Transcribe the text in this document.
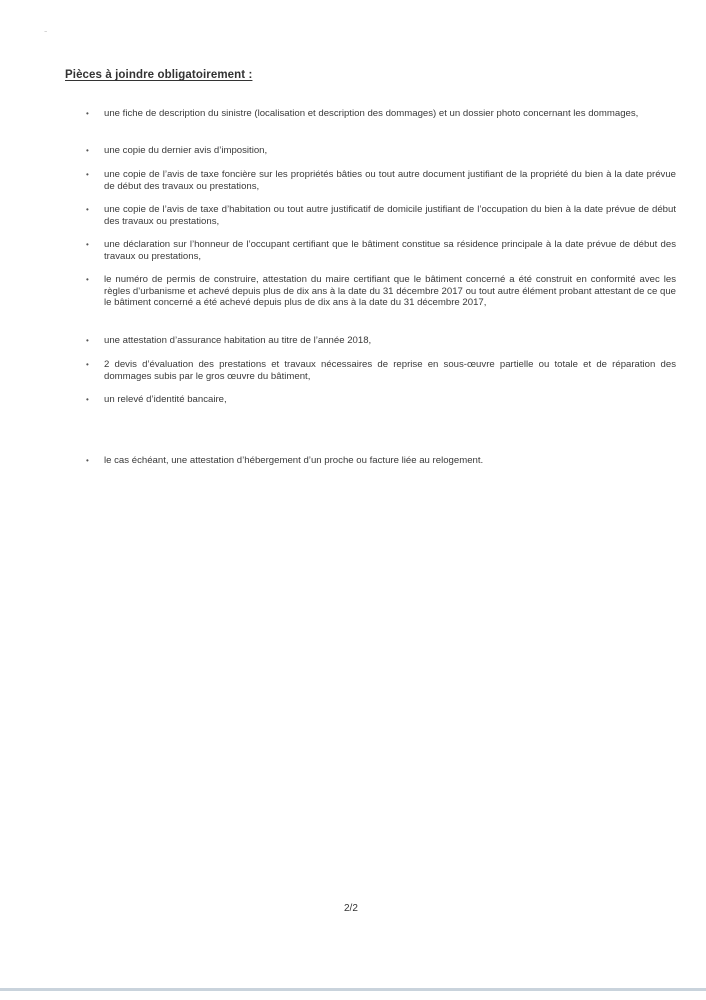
Pièces à joindre obligatoirement :
•	une fiche de description du sinistre (localisation et description des dommages) et un dossier photo concernant les dommages,
•	une copie du dernier avis d’imposition,
•	une copie de l’avis de taxe foncière sur les propriétés bâties ou tout autre document justifiant de la propriété du bien à la date prévue de début des travaux ou prestations,
•	une copie de l’avis de taxe d’habitation ou tout autre justificatif de domicile justifiant de l’occupation du bien à la date prévue de début des travaux ou prestations,
•	une déclaration sur l’honneur de l’occupant certifiant que le bâtiment constitue sa résidence principale à la date prévue de début des travaux ou prestations,
•	le numéro de permis de construire, attestation du maire certifiant que le bâtiment concerné a été construit en conformité avec les règles d’urbanisme et achevé depuis plus de dix ans à la date du 31 décembre 2017 ou tout autre élément probant attestant de ce que le bâtiment concerné a été achevé depuis plus de dix ans à la date du 31 décembre 2017,
•	une attestation d’assurance habitation au titre de l’année 2018,
•	2 devis d’évaluation des prestations et travaux nécessaires de reprise en sous-œuvre partielle ou totale et de réparation des dommages subis par le gros œuvre du bâtiment,
•	un relevé d’identité bancaire,
•	le cas échéant, une attestation d’hébergement d’un proche ou facture liée au relogement.
2/2
